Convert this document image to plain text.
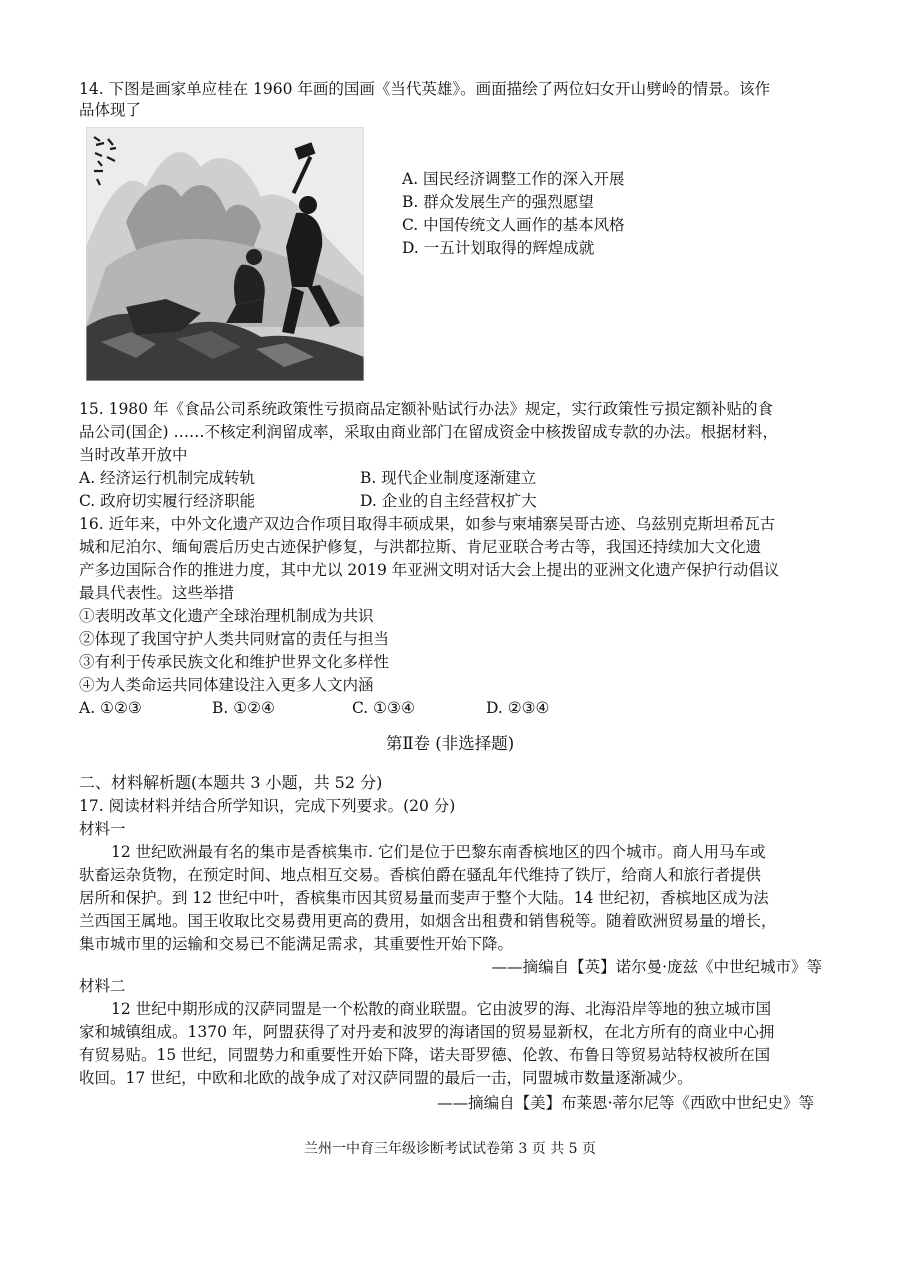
14. 下图是画家单应桂在 1960 年画的国画《当代英雄》。画面描绘了两位妇女开山劈岭的情景。该作
品体现了
A. 国民经济调整工作的深入开展
B. 群众发展生产的强烈愿望
C. 中国传统文人画作的基本风格
D. 一五计划取得的辉煌成就
15. 1980 年《食品公司系统政策性亏损商品定额补贴试行办法》规定，实行政策性亏损定额补贴的食
品公司(国企) ……不核定利润留成率，采取由商业部门在留成资金中核拨留成专款的办法。根据材料，
当时改革开放中
A. 经济运行机制完成转轨	B. 现代企业制度逐渐建立
C. 政府切实履行经济职能	D. 企业的自主经营权扩大
16. 近年来，中外文化遗产双边合作项目取得丰硕成果，如参与柬埔寨吴哥古迹、乌兹别克斯坦希瓦古
城和尼泊尔、缅甸震后历史古迹保护修复，与洪都拉斯、肯尼亚联合考古等，我国还持续加大文化遗
产多边国际合作的推进力度，其中尤以 2019 年亚洲文明对话大会上提出的亚洲文化遗产保护行动倡议
最具代表性。这些举措
①表明改革文化遗产全球治理机制成为共识
②体现了我国守护人类共同财富的责任与担当
③有利于传承民族文化和维护世界文化多样性
④为人类命运共同体建设注入更多人文内涵
A. ①②③	B. ①②④	C. ①③④	D. ②③④
第Ⅱ卷 (非选择题)
二、材料解析题(本题共 3 小题，共 52 分)
17. 阅读材料并结合所学知识，完成下列要求。(20 分)
材料一
12 世纪欧洲最有名的集市是香槟集市. 它们是位于巴黎东南香槟地区的四个城市。商人用马车或
驮畜运杂货物，在预定时间、地点相互交易。香槟伯爵在骚乱年代维持了铁厅，给商人和旅行者提供
居所和保护。到 12 世纪中叶，香槟集市因其贸易量而斐声于整个大陆。14 世纪初，香槟地区成为法
兰西国王属地。国王收取比交易费用更高的费用，如烟含出租费和销售税等。随着欧洲贸易量的增长，
集市城市里的运输和交易已不能满足需求，其重要性开始下降。
——摘编自【英】诺尔曼·庞兹《中世纪城市》等
材料二
12 世纪中期形成的汉萨同盟是一个松散的商业联盟。它由波罗的海、北海沿岸等地的独立城市国
家和城镇组成。1370 年，阿盟获得了对丹麦和波罗的海诸国的贸易显新权，在北方所有的商业中心拥
有贸易贴。15 世纪，同盟势力和重要性开始下降，诺夫哥罗德、伦敦、布鲁日等贸易站特权被所在国
收回。17 世纪，中欧和北欧的战争成了对汉萨同盟的最后一击，同盟城市数量逐渐减少。
——摘编自【美】布莱恩·蒂尔尼等《西欧中世纪史》等
兰州一中育三年级诊断考试试卷第 3 页 共 5 页
